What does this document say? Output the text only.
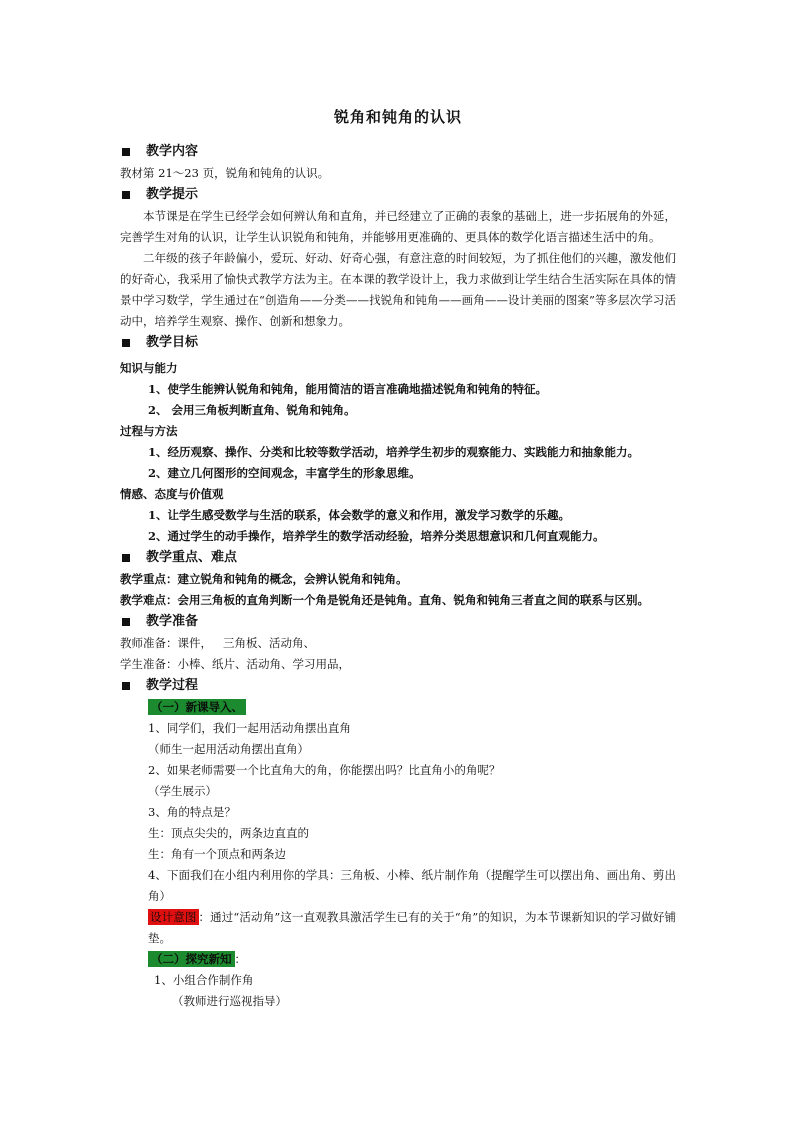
锐角和钝角的认识
教学内容
教材第 21～23 页，锐角和钝角的认识。
教学提示
本节课是在学生已经学会如何辨认角和直角，并已经建立了正确的表象的基础上，进一步拓展角的外延，完善学生对角的认识，让学生认识锐角和钝角，并能够用更准确的、更具体的数学化语言描述生活中的角。
二年级的孩子年龄偏小，爱玩、好动、好奇心强，有意注意的时间较短，为了抓住他们的兴趣，激发他们的好奇心，我采用了愉快式教学方法为主。在本课的教学设计上，我力求做到让学生结合生活实际在具体的情景中学习数学，学生通过在“创造角——分类——找锐角和钝角——画角——设计美丽的图案”等多层次学习活动中，培养学生观察、操作、创新和想象力。
教学目标
知识与能力
1、使学生能辨认锐角和钝角，能用简洁的语言准确地描述锐角和钝角的特征。
2、 会用三角板判断直角、锐角和钝角。
过程与方法
1、经历观察、操作、分类和比较等数学活动，培养学生初步的观察能力、实践能力和抽象能力。
2、建立几何图形的空间观念，丰富学生的形象思维。
情感、态度与价值观
1、让学生感受数学与生活的联系，体会数学的意义和作用，激发学习数学的乐趣。
2、通过学生的动手操作，培养学生的数学活动经验，培养分类思想意识和几何直观能力。
教学重点、难点
教学重点：建立锐角和钝角的概念，会辨认锐角和钝角。
教学难点：会用三角板的直角判断一个角是锐角还是钝角。直角、锐角和钝角三者直之间的联系与区别。
教学准备
教师准备：课件，   三角板、活动角、
学生准备：小棒、纸片、活动角、学习用品，
教学过程
（一）新课导入、
1、同学们，我们一起用活动角摆出直角
（师生一起用活动角摆出直角）
2、如果老师需要一个比直角大的角，你能摆出吗？比直角小的角呢？
（学生展示）
3、角的特点是？
生：顶点尖尖的，两条边直直的
生：角有一个顶点和两条边
4、下面我们在小组内利用你的学具：三角板、小棒、纸片制作角（提醒学生可以摆出角、画出角、剪出角）
设计意图 ：通过“活动角”这一直观教具激活学生已有的关于“角”的知识，为本节课新知识的学习做好铺垫。
（二）探究新知 ：
1、小组合作制作角
（教师进行巡视指导）
